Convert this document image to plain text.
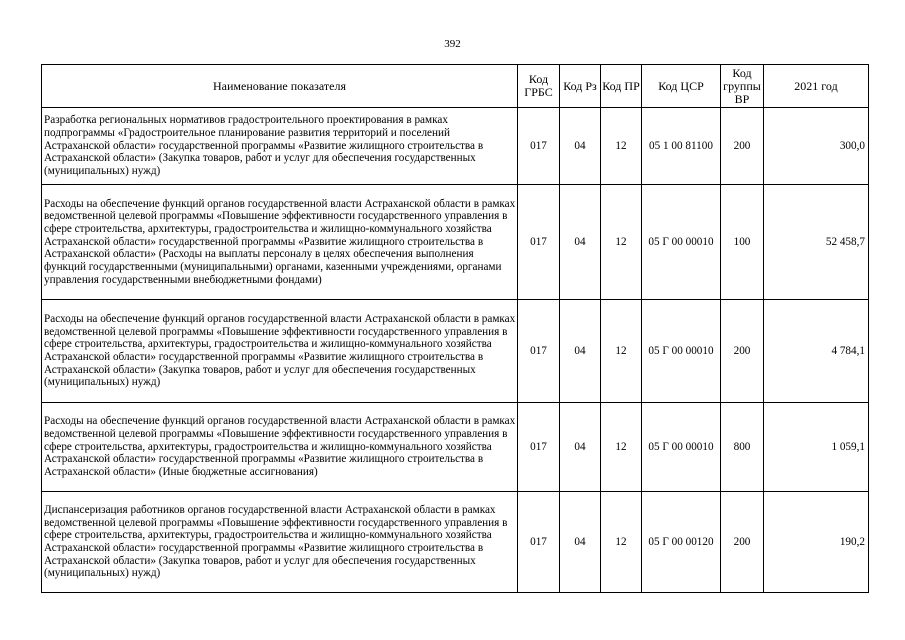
392
Наименование показателя	Код ГРБС	Код Рз	Код ПР	Код ЦСР	Код группы ВР	2021 год
Разработка региональных нормативов градостроительного проектирования в рамках подпрограммы «Градостроительное планирование развития территорий и поселений Астраханской области» государственной программы «Развитие жилищного строительства в Астраханской области» (Закупка товаров, работ и услуг для обеспечения государственных (муниципальных) нужд)	017	04	12	05 1 00 81100	200	300,0
Расходы на обеспечение функций органов государственной власти Астраханской области в рамках ведомственной целевой программы «Повышение эффективности государственного управления в сфере строительства, архитектуры, градостроительства и жилищно-коммунального хозяйства Астраханской области» государственной программы «Развитие жилищного строительства в Астраханской области» (Расходы на выплаты персоналу в целях обеспечения выполнения функций государственными (муниципальными) органами, казенными учреждениями, органами управления государственными внебюджетными фондами)	017	04	12	05 Г 00 00010	100	52 458,7
Расходы на обеспечение функций органов государственной власти Астраханской области в рамках ведомственной целевой программы «Повышение эффективности государственного управления в сфере строительства, архитектуры, градостроительства и жилищно-коммунального хозяйства Астраханской области» государственной программы «Развитие жилищного строительства в Астраханской области» (Закупка товаров, работ и услуг для обеспечения государственных (муниципальных) нужд)	017	04	12	05 Г 00 00010	200	4 784,1
Расходы на обеспечение функций органов государственной власти Астраханской области в рамках ведомственной целевой программы «Повышение эффективности государственного управления в сфере строительства, архитектуры, градостроительства и жилищно-коммунального хозяйства Астраханской области» государственной программы «Развитие жилищного строительства в Астраханской области» (Иные бюджетные ассигнования)	017	04	12	05 Г 00 00010	800	1 059,1
Диспансеризация работников органов государственной власти Астраханской области в рамках ведомственной целевой программы «Повышение эффективности государственного управления в сфере строительства, архитектуры, градостроительства и жилищно-коммунального хозяйства Астраханской области» государственной программы «Развитие жилищного строительства в Астраханской области» (Закупка товаров, работ и услуг для обеспечения государственных (муниципальных) нужд)	017	04	12	05 Г 00 00120	200	190,2
